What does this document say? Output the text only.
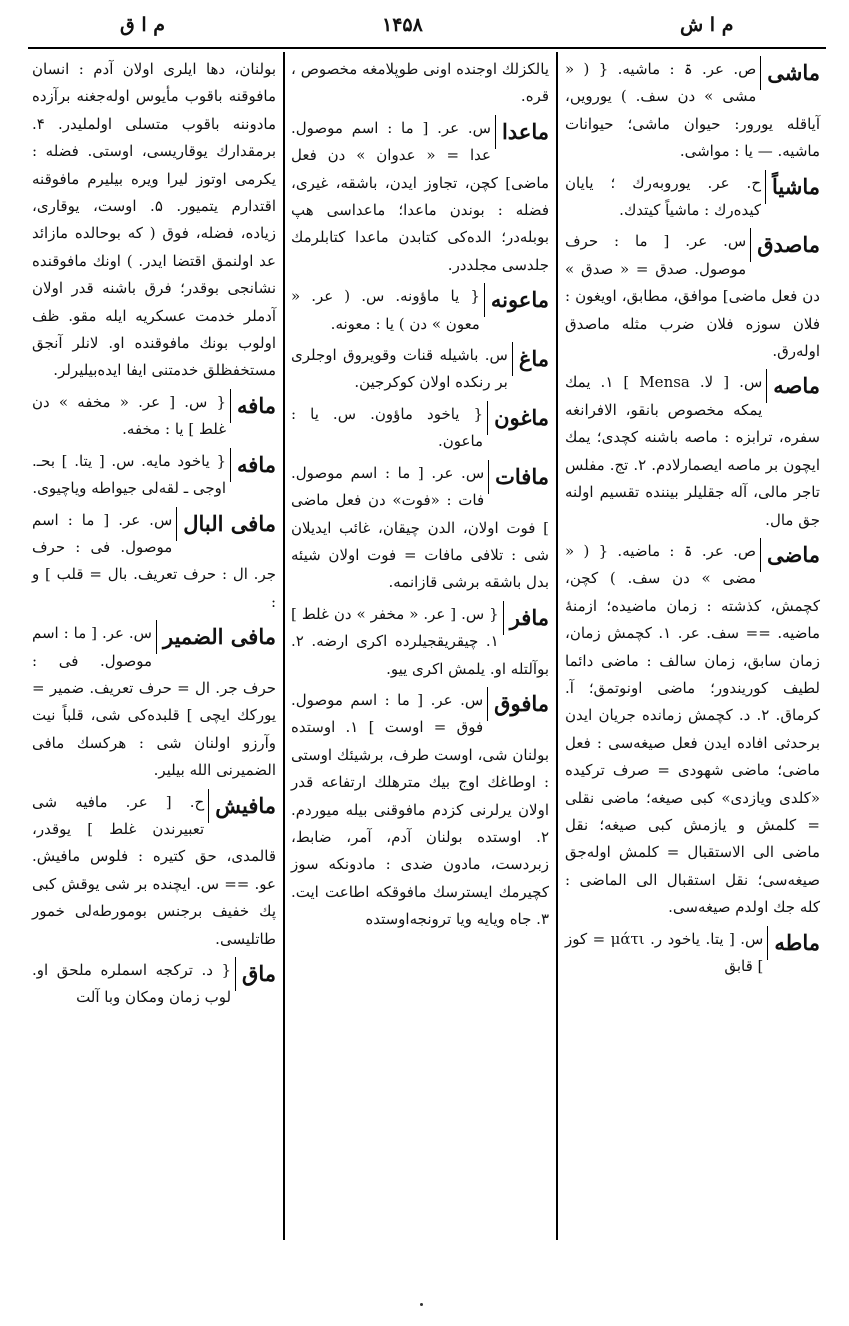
م ا ق	۱۴۵۸	م ا ش
ماشی
ص. عر. ۃ : ماشیه. { ( « مشی » دن سف. ) یورویں، آیاقله یورور: حیوان ماشی؛ حیوانات ماشیه. — یا : مواشی.
ماشیاً
ح. عر. یوروبه‌رك ؛ یایان كیده‌رك : ماشیاً كیتدك.
ماصدق
س. عر. [ ما : حرف موصول. صدق = « صدق » دن فعل ماضی] موافق، مطابق، اویغون : فلان سوزه فلان ضرب مثله ماصدق اوله‌رق.
ماصه
س. [ لا. Mensa ] ۱. یمك یمكه مخصوص بانقو، الافرانغه سفره، ترابزه : ماصه باشنه كچدی؛ یمك ایچون بر ماصه ایصمارلادم. ۲. تج. مفلس تاجر مالی، آله جقلیلر بیننده تقسیم اولنه جق مال.
ماضی
ص. عر. ۃ : ماضیه. { ( « مضی » دن سف. ) كچن، كچمش، كذشته : زمان ماضیده؛ ازمنۀ ماضیه. == سف. عر. ۱. كچمش زمان، زمان سابق، زمان سالف : ماضی دائما لطیف كوریندور؛ ماضی اونوتمق؛ آ. كرماق. ۲. د. كچمش زمانده جریان ایدن برحدثی افاده ایدن فعل صیغه‌سی : فعل ماضی؛ ماضی شهودی = صرف تركیده «كلدی ویازدی» كبی صیغه؛ ماضی نقلی = كلمش و یازمش كبی صیغه؛ نقل ماضی الی الاستقبال = كلمش اوله‌جق صیغه‌سی؛ نقل استقبال الی الماضی : كله جك اولدم صیغه‌سی.
ماطه
س. [ یتا. یاخود ر. μάτι = كوز ] قابق
یالكزلك اوجنده اونی طوپلامغه مخصوص ، قره.
ماعدا
س. عر. [ ما : اسم موصول. عدا = « عدوان » دن فعل ماضی] كچن، تجاوز ایدن، باشقه، غیری، فضله : بوندن ماعدا؛ ماعداسی هپ بوبله‌در؛ الده‌كی كتابدن ماعدا كتابلرمك جلدسی مجلددر.
ماعونه
{ یا ماؤونه. س. ( عر. « معون » دن ) یا : معونه.
ماغ
س. باشیله قنات وقویروق اوجلری بر رنكده اولان كوكرجین.
ماغون
{ یاخود ماؤون. س. یا : ماعون.
مافات
س. عر. [ ما : اسم موصول. فات : «فوت» دن فعل ماضی ] فوت اولان، الدن چیقان، غائب ایدیلان شی : تلافی مافات = فوت اولان شیئه بدل باشقه برشی قازانمه.
مافر
{ س. [ عر. « مخفر » دن غلط ] ۱. چیقریقجیلرده اكری ارضه. ۲. بوآلتله او. یلمش اكری ییو.
مافوق
س. عر. [ ما : اسم موصول. فوق = اوست ] ۱. اوستده بولنان شی، اوست طرف، برشیئك اوستی : اوطاغك اوج بیك مترهلك ارتفاعه قدر اولان یرلرنی كزدم مافوقنی بیله میوردم. ۲. اوستده بولنان آدم، آمر، ضابط، زبردست، مادون ضدی : مادونكه سوز كچیرمك ایسترسك مافوقكه اطاعت ایت. ۳. جاه ویایه ویا ترونجه‌اوستده
بولنان، دها ایلری اولان آدم : انسان مافوقنه باقوب مأیوس اوله‌جغنه برآزده مادوننه باقوب متسلی اولملیدر. ۴. برمقدارك یوقاریسی، اوستی. فضله : یكرمی اوتوز لیرا ویره بیلیرم مافوقنه اقتدارم یتمیور. ۵. اوست، یوقاری، زیاده، فضله، فوق ( كه بوحالده مازائد عد اولنمق اقتضا ایدر. ) اونك مافوقنده نشانجی بوقدر؛ فرق باشنه قدر اولان آدملر خدمت عسكریه ایله مقو. ظف اولوب بونك مافوقنده او. لانلر آنجق مستخفظلق خدمتنی ایفا ایده‌بیلیرلر.
مافه
{ س. [ عر. « مخفه » دن غلط ] یا : مخفه.
مافه
{ یاخود مایه. س. [ یتا. ] بحـ. اوجی ـ لقه‌لی جیواطه ویاچیوی.
مافی البال
س. عر. [ ما : اسم موصول. فی : حرف جر. ال : حرف تعریف. بال = قلب ] و :
مافی الضمیر
س. عر. [ ما : اسم موصول. فی : حرف جر. ال = حرف تعریف. ضمیر = یوركك ایچی ] قلبده‌كی شی، قلباً نیت وآرزو اولنان شی : هركسك مافی الضمیرنی الله بیلیر.
مافیش
ح. [ عر. مافیه شی تعبیرندن غلط ] یوقدر، قالمدی، حق كتیره : فلوس مافیش. عو. == س. ایچنده بر شی یوقش كبی پك خفیف برجنس بومورطه‌لی خمور طاتلیسی.
ماق
{ د. تركجه اسملره ملحق او. لوب زمان ومكان وبا آلت
